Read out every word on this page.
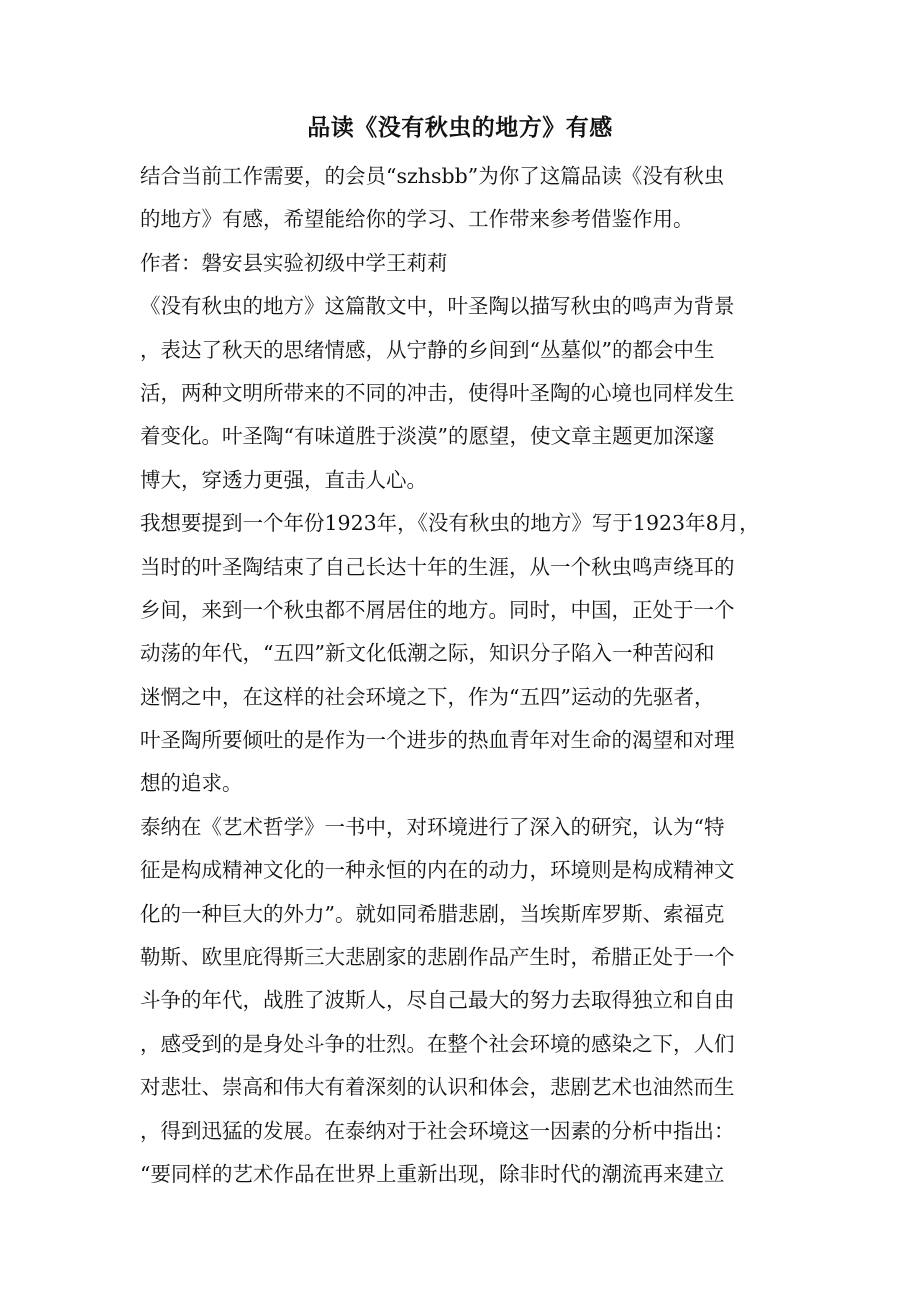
品读《没有秋虫的地方》有感
结合当前工作需要，的会员“szhsbb”为你了这篇品读《没有秋虫
的地方》有感，希望能给你的学习、工作带来参考借鉴作用。
作者：磐安县实验初级中学王莉莉
《没有秋虫的地方》这篇散文中，叶圣陶以描写秋虫的鸣声为背景
，表达了秋天的思绪情感，从宁静的乡间到“丛墓似”的都会中生
活，两种文明所带来的不同的冲击，使得叶圣陶的心境也同样发生
着变化。叶圣陶“有味道胜于淡漠”的愿望，使文章主题更加深邃
博大，穿透力更强，直击人心。
我想要提到一个年份1923年，《没有秋虫的地方》写于1923年8月，
当时的叶圣陶结束了自己长达十年的生涯，从一个秋虫鸣声绕耳的
乡间，来到一个秋虫都不屑居住的地方。同时，中国，正处于一个
动荡的年代，“五四”新文化低潮之际，知识分子陷入一种苦闷和
迷惘之中，在这样的社会环境之下，作为“五四”运动的先驱者，
叶圣陶所要倾吐的是作为一个进步的热血青年对生命的渴望和对理
想的追求。
泰纳在《艺术哲学》一书中，对环境进行了深入的研究，认为“特
征是构成精神文化的一种永恒的内在的动力，环境则是构成精神文
化的一种巨大的外力”。就如同希腊悲剧，当埃斯库罗斯、索福克
勒斯、欧里庇得斯三大悲剧家的悲剧作品产生时，希腊正处于一个
斗争的年代，战胜了波斯人，尽自己最大的努力去取得独立和自由
，感受到的是身处斗争的壮烈。在整个社会环境的感染之下，人们
对悲壮、崇高和伟大有着深刻的认识和体会，悲剧艺术也油然而生
，得到迅猛的发展。在泰纳对于社会环境这一因素的分析中指出：
“要同样的艺术作品在世界上重新出现，除非时代的潮流再来建立
